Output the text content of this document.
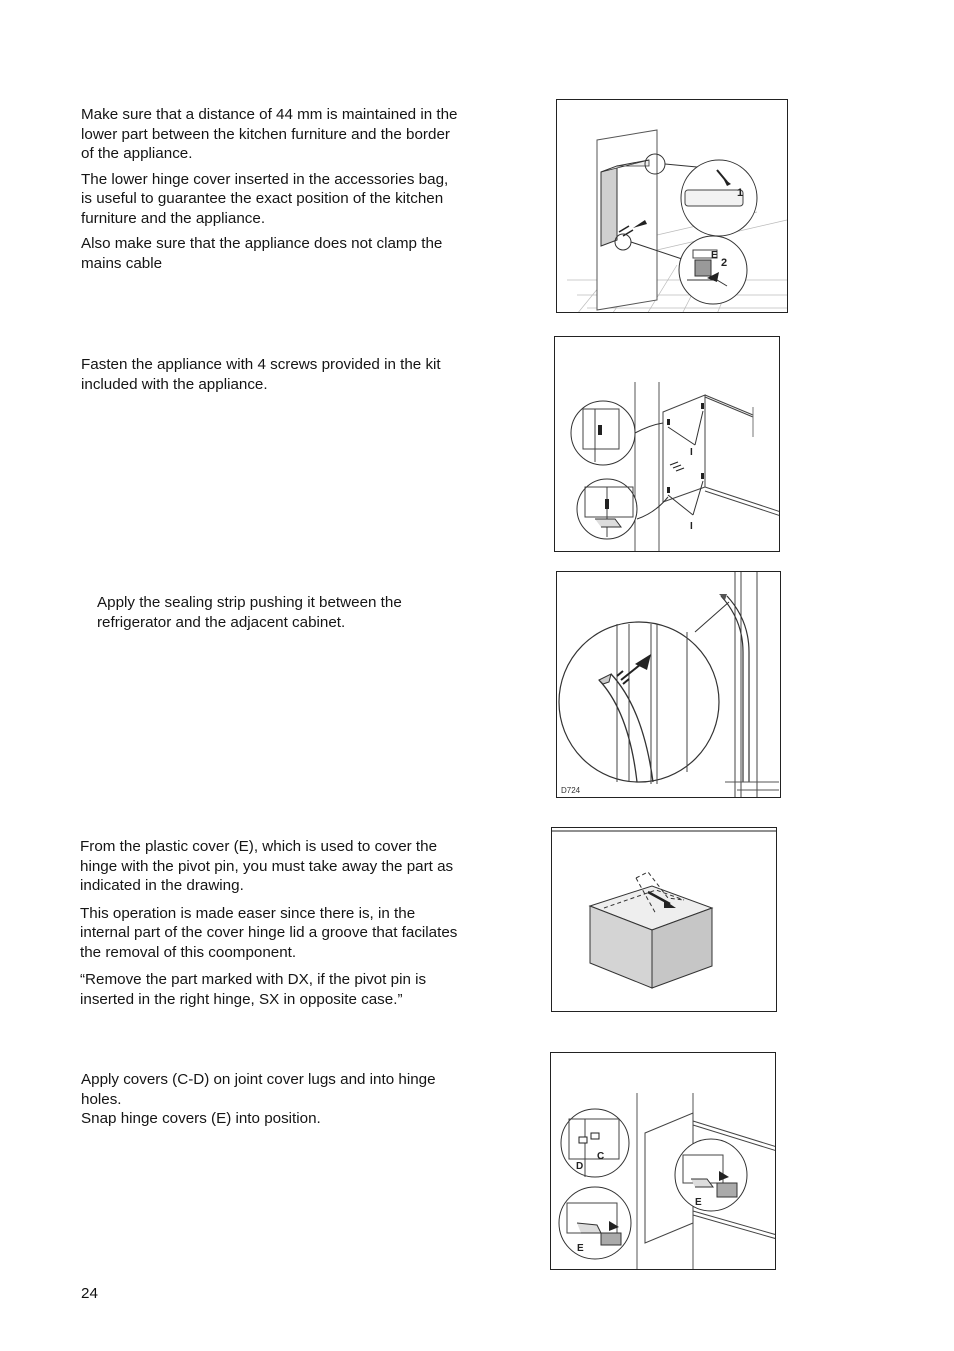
Make sure that a distance of 44 mm is maintained in the lower part between the kitchen furniture and the border of the appliance.

The lower hinge cover inserted in the accessories bag, is useful to guarantee the exact position of the kitchen furniture and the appliance.

Also make sure that the appliance does not clamp the mains cable

1
E
2

Fasten the appliance with 4 screws provided in the kit included with the appliance.

I
I

Apply the sealing strip pushing it between the refrigerator and the adjacent cabinet.

D724

From the plastic cover (E), which is used to cover the hinge with the pivot pin, you must take away the part as indicated in the drawing.

This operation is made easer since there is, in the internal part of the cover hinge lid a groove that facilates the removal of this coomponent.

“Remove the part marked with DX, if the pivot pin is inserted in the right hinge, SX in opposite case.”

Apply covers (C-D) on joint cover lugs and into hinge holes.
Snap hinge covers (E) into position.
C
D
E
E
24
